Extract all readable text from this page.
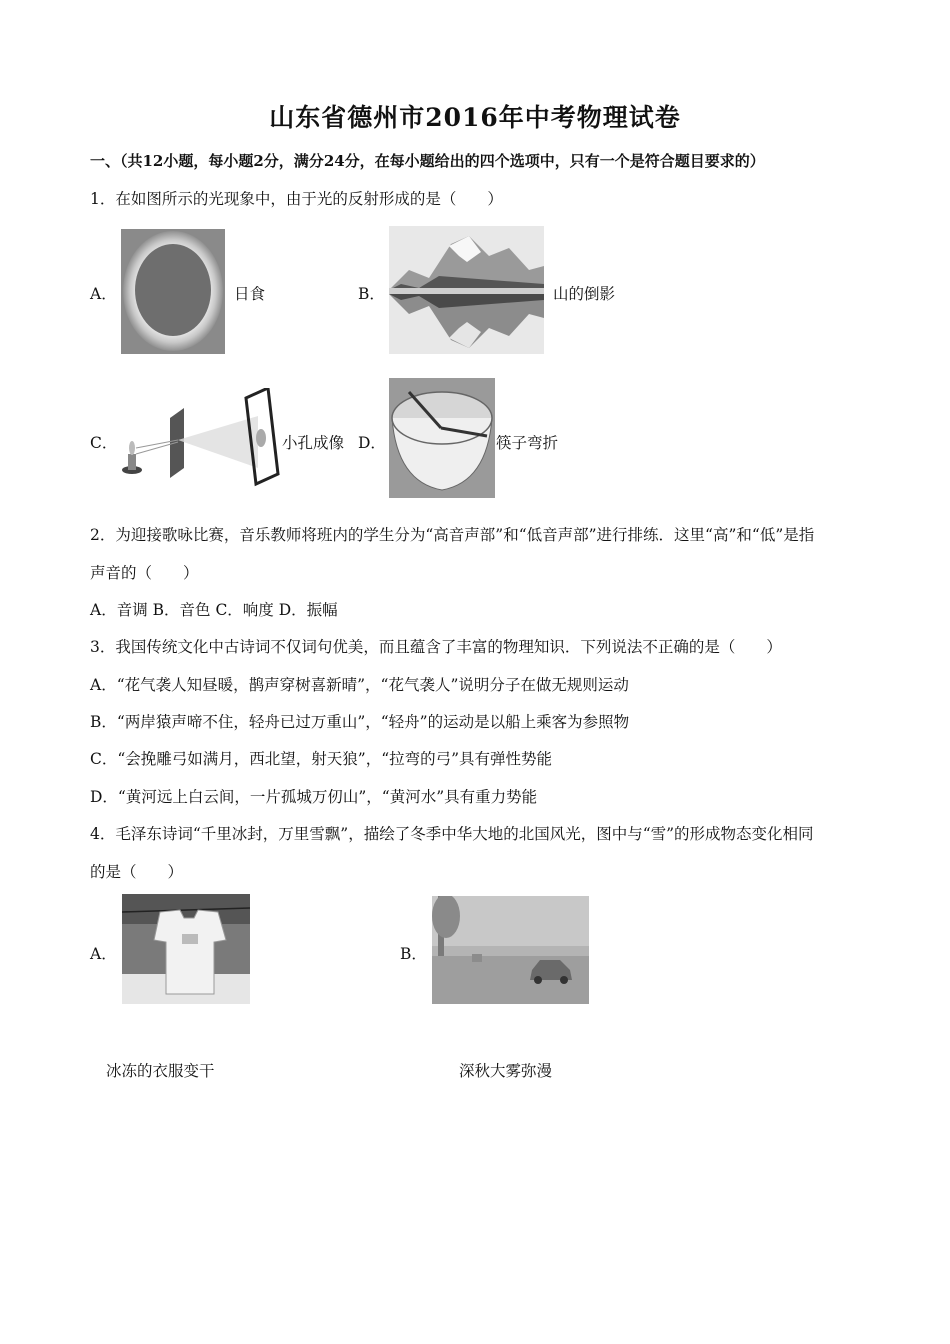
山东省德州市2016年中考物理试卷
一、（共12小题，每小题2分，满分24分，在每小题给出的四个选项中，只有一个是符合题目要求的）
1．在如图所示的光现象中，由于光的反射形成的是（　　）
A．	日食	B．	山的倒影
C．	小孔成像 D．	筷子弯折
2．为迎接歌咏比赛，音乐教师将班内的学生分为“高音声部”和“低音声部”进行排练．这里“高”和“低”是指
声音的（　　）
A．音调 B．音色 C．响度 D．振幅
3．我国传统文化中古诗词不仅词句优美，而且蕴含了丰富的物理知识．下列说法不正确的是（　　）
A．“花气袭人知昼暖，鹊声穿树喜新晴”，“花气袭人”说明分子在做无规则运动
B．“两岸猿声啼不住，轻舟已过万重山”，“轻舟”的运动是以船上乘客为参照物
C．“会挽雕弓如满月，西北望，射天狼”，“拉弯的弓”具有弹性势能
D．“黄河远上白云间，一片孤城万仞山”，“黄河水”具有重力势能
4．毛泽东诗词“千里冰封，万里雪飘”，描绘了冬季中华大地的北国风光，图中与“雪”的形成物态变化相同
的是（　　）
A．
冰冻的衣服变干
B．
深秋大雾弥漫
